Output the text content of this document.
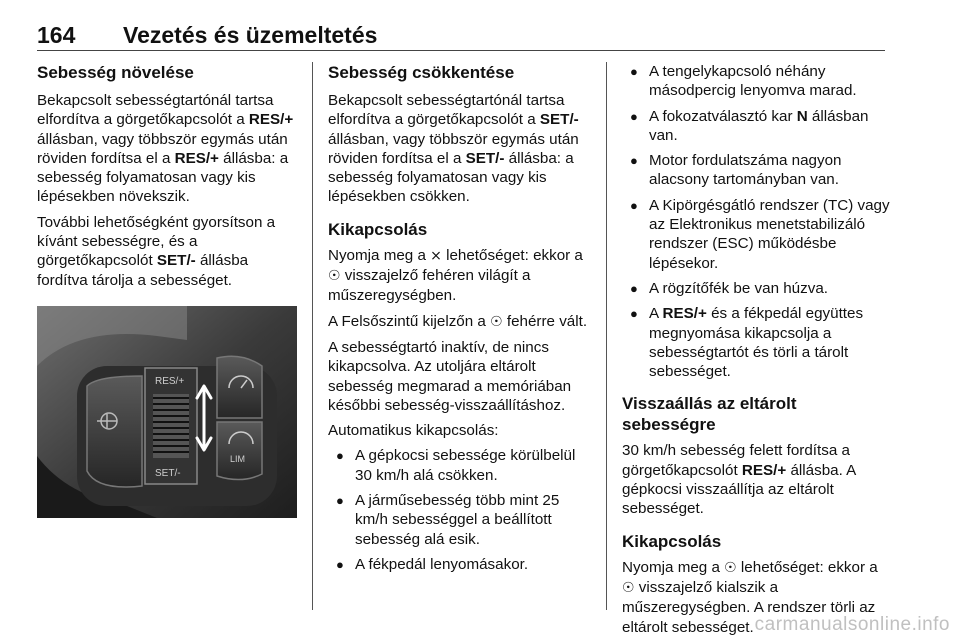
164 Vezetés és üzemeltetés
Sebesség növelése

Bekapcsolt sebességtartónál tartsa elfordítva a görgetőkapcsolót a RES/+ állásban, vagy többször egymás után röviden fordítsa el a RES/+ állásba: a sebesség folyamatosan vagy kis lépésekben növekszik.

További lehetőségként gyorsítson a kívánt sebességre, és a görgetőkapcsolót SET/- állásba fordítva tárolja a sebességet.

RES/+
SET/-
LIM
Sebesség csökkentése

Bekapcsolt sebességtartónál tartsa elfordítva a görgetőkapcsolót a SET/- állásban, vagy többször egymás után röviden fordítsa el a SET/- állásba: a sebesség folyamatosan vagy kis lépésekben csökken.

Kikapcsolás

Nyomja meg a ⨯ lehetőséget: ekkor a ☉ visszajelző fehéren világít a műszeregységben.

A Felsőszintű kijelzőn a ☉ fehérre vált.

A sebességtartó inaktív, de nincs kikapcsolva. Az utoljára eltárolt sebesség megmarad a memóriában későbbi sebesség-visszaállításhoz.

Automatikus kikapcsolás:

● A gépkocsi sebessége körülbelül 30 km/h alá csökken.
● A járműsebesség több mint 25 km/h sebességgel a beállított sebesség alá esik.
● A fékpedál lenyomásakor.
● A tengelykapcsoló néhány másodpercig lenyomva marad.
● A fokozatválasztó kar N állásban van.
● Motor fordulatszáma nagyon alacsony tartományban van.
● A Kipörgésgátló rendszer (TC) vagy az Elektronikus menetstabilizáló rendszer (ESC) működésbe lépésekor.
● A rögzítőfék be van húzva.
● A RES/+ és a fékpedál együttes megnyomása kikapcsolja a sebességtartót és törli a tárolt sebességet.
Visszaállás az eltárolt sebességre

30 km/h sebesség felett fordítsa a görgetőkapcsolót RES/+ állásba. A gépkocsi visszaállítja az eltárolt sebességet.

Kikapcsolás

Nyomja meg a ☉ lehetőséget: ekkor a ☉ visszajelző kialszik a műszeregységben. A rendszer törli az eltárolt sebességet. carmanualsonline.info
